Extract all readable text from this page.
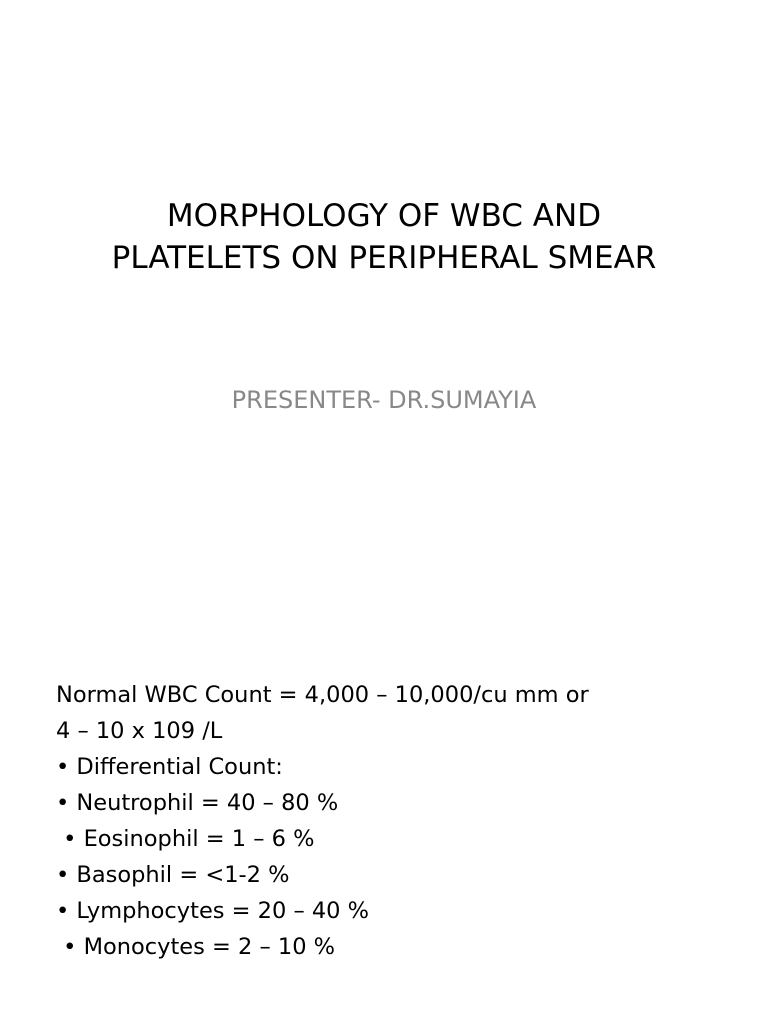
MORPHOLOGY OF WBC AND
PLATELETS ON PERIPHERAL SMEAR

PRESENTER- DR.SUMAYIA

Normal WBC Count = 4,000 – 10,000/cu mm or
4 – 10 x 109 /L
• Differential Count:
• Neutrophil = 40 – 80 %
• Eosinophil = 1 – 6 %
• Basophil = <1-2 %
• Lymphocytes = 20 – 40 %
• Monocytes = 2 – 10 %
